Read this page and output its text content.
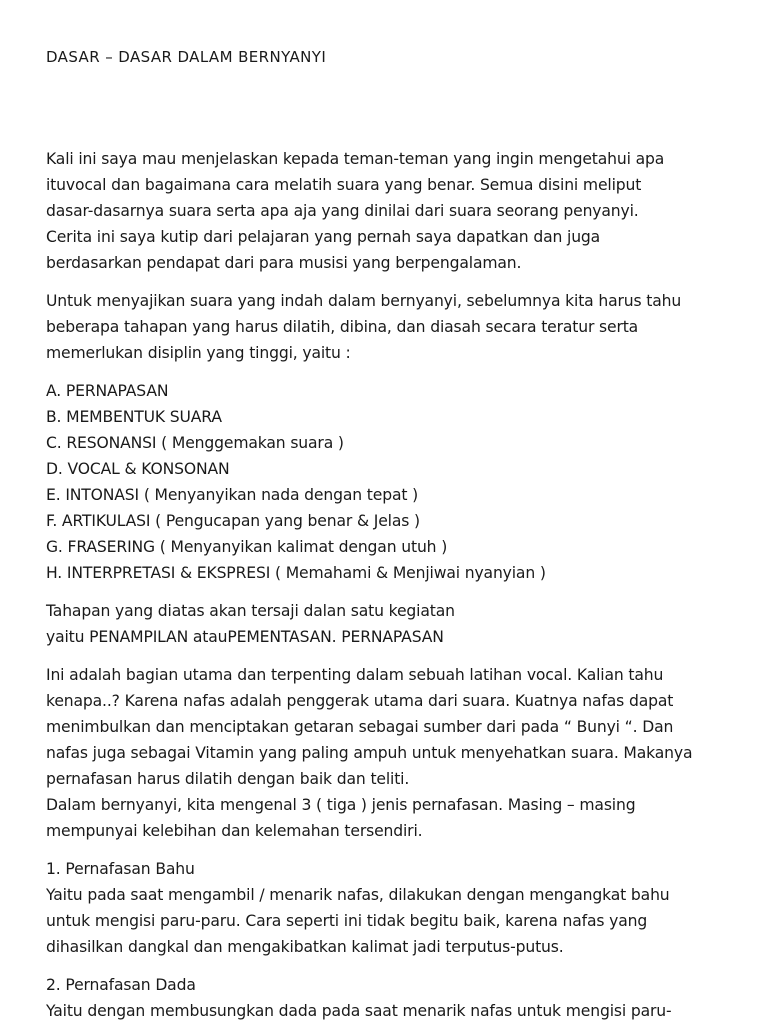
DASAR – DASAR DALAM BERNYANYI
Kali ini saya mau menjelaskan kepada teman-teman yang ingin mengetahui apa
ituvocal dan bagaimana cara melatih suara yang benar. Semua disini meliput
dasar-dasarnya suara serta apa aja yang dinilai dari suara seorang penyanyi.
Cerita ini saya kutip dari pelajaran yang pernah saya dapatkan dan juga
berdasarkan pendapat dari para musisi yang berpengalaman.
Untuk menyajikan suara yang indah dalam bernyanyi, sebelumnya kita harus tahu
beberapa tahapan yang harus dilatih, dibina, dan diasah secara teratur serta
memerlukan disiplin yang tinggi, yaitu :
A. PERNAPASAN
B. MEMBENTUK SUARA
C. RESONANSI ( Menggemakan suara )
D. VOCAL & KONSONAN
E. INTONASI ( Menyanyikan nada dengan tepat )
F. ARTIKULASI ( Pengucapan yang benar & Jelas )
G. FRASERING ( Menyanyikan kalimat dengan utuh )
H. INTERPRETASI & EKSPRESI ( Memahami & Menjiwai nyanyian )
Tahapan yang diatas akan tersaji dalan satu kegiatan
yaitu PENAMPILAN atauPEMENTASAN. PERNAPASAN
Ini adalah bagian utama dan terpenting dalam sebuah latihan vocal. Kalian tahu
kenapa..? Karena nafas adalah penggerak utama dari suara. Kuatnya nafas dapat
menimbulkan dan menciptakan getaran sebagai sumber dari pada “ Bunyi “. Dan
nafas juga sebagai Vitamin yang paling ampuh untuk menyehatkan suara. Makanya
pernafasan harus dilatih dengan baik dan teliti.
Dalam bernyanyi, kita mengenal 3 ( tiga ) jenis pernafasan. Masing – masing
mempunyai kelebihan dan kelemahan tersendiri.
1. Pernafasan Bahu
Yaitu pada saat mengambil / menarik nafas, dilakukan dengan mengangkat bahu
untuk mengisi paru-paru. Cara seperti ini tidak begitu baik, karena nafas yang
dihasilkan dangkal dan mengakibatkan kalimat jadi terputus-putus.
2. Pernafasan Dada
Yaitu dengan membusungkan dada pada saat menarik nafas untuk mengisi paru-
